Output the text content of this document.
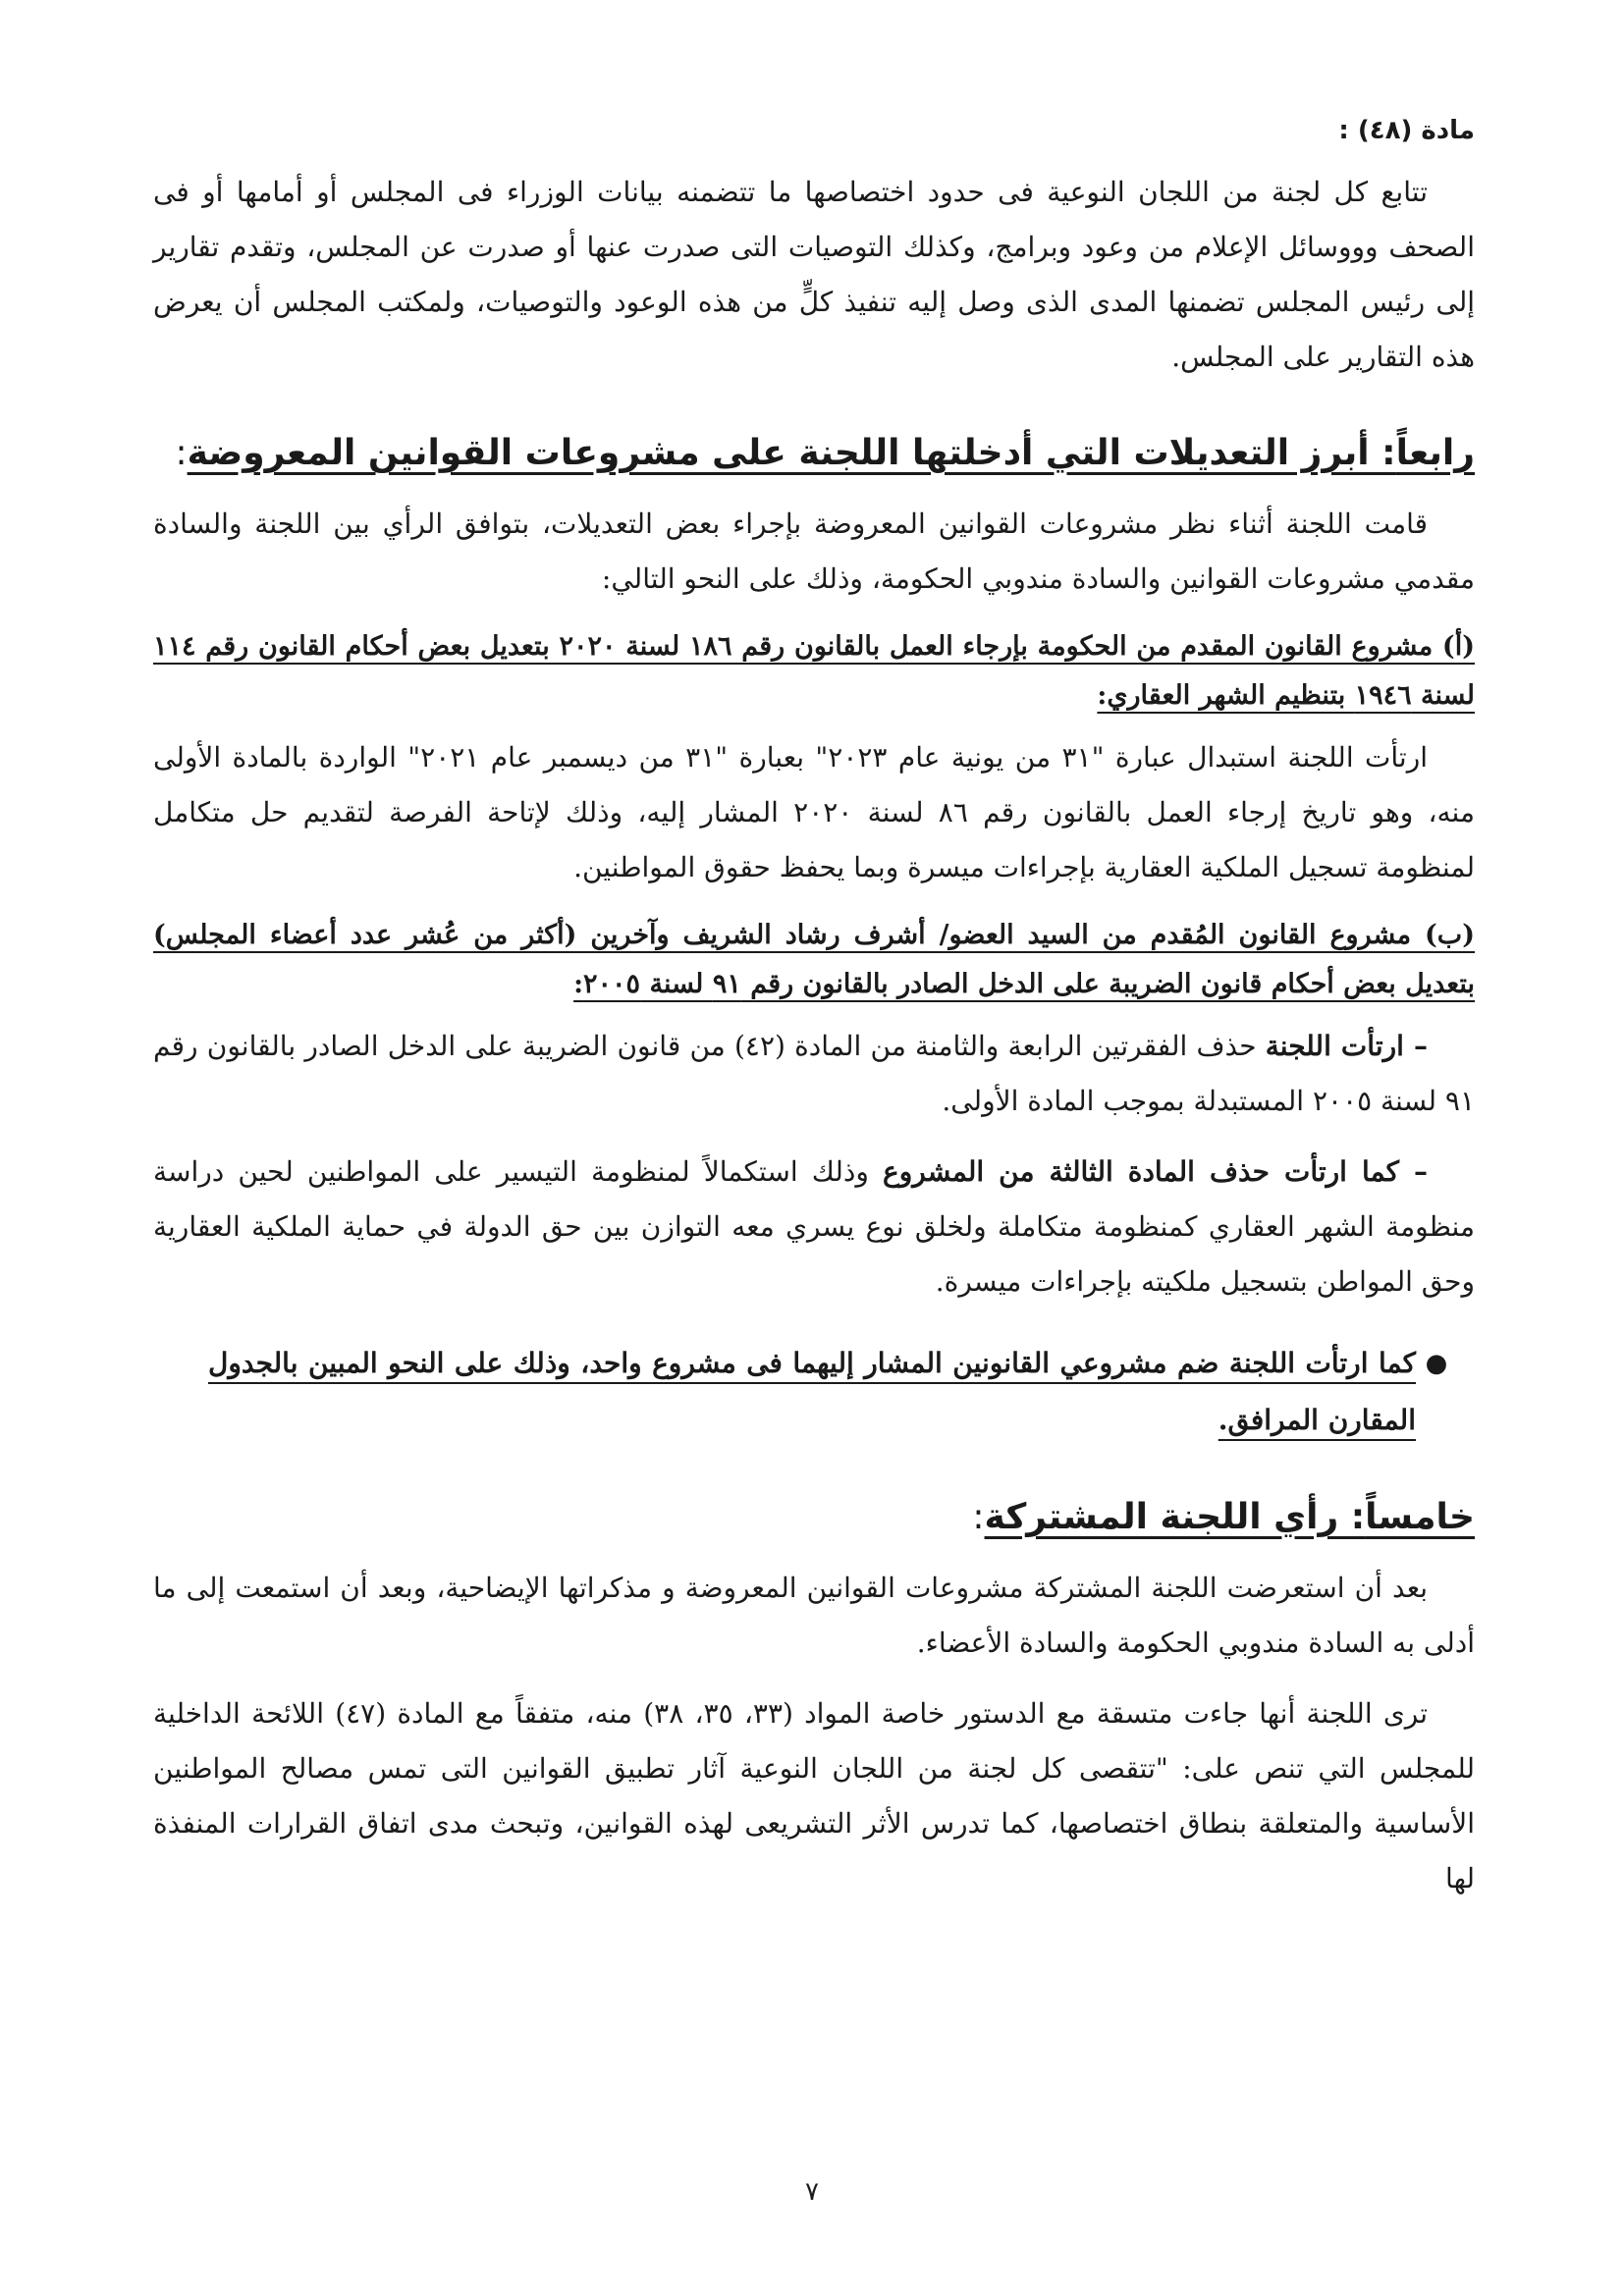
مادة (٤٨) :

تتابع كل لجنة من اللجان النوعية فى حدود اختصاصها ما تتضمنه بيانات الوزراء فى المجلس أو أمامها أو فى الصحف وووسائل الإعلام من وعود وبرامج، وكذلك التوصيات التى صدرت عنها أو صدرت عن المجلس، وتقدم تقارير إلى رئيس المجلس تضمنها المدى الذى وصل إليه تنفيذ كلٍّ من هذه الوعود والتوصيات، ولمكتب المجلس أن يعرض هذه التقارير على المجلس.

رابعاً: أبرز التعديلات التي أدخلتها اللجنة على مشروعات القوانين المعروضة:

قامت اللجنة أثناء نظر مشروعات القوانين المعروضة بإجراء بعض التعديلات، بتوافق الرأي بين اللجنة والسادة مقدمي مشروعات القوانين والسادة مندوبي الحكومة، وذلك على النحو التالي:

(أ) مشروع القانون المقدم من الحكومة بإرجاء العمل بالقانون رقم ١٨٦ لسنة ٢٠٢٠ بتعديل بعض أحكام القانون رقم ١١٤ لسنة ١٩٤٦ بتنظيم الشهر العقاري:

ارتأت اللجنة استبدال عبارة "٣١ من يونية عام ٢٠٢٣" بعبارة "٣١ من ديسمبر عام ٢٠٢١" الواردة بالمادة الأولى منه، وهو تاريخ إرجاء العمل بالقانون رقم ٨٦ لسنة ٢٠٢٠ المشار إليه، وذلك لإتاحة الفرصة لتقديم حل متكامل لمنظومة تسجيل الملكية العقارية بإجراءات ميسرة وبما يحفظ حقوق المواطنين.

(ب) مشروع القانون المُقدم من السيد العضو/ أشرف رشاد الشريف وآخرين (أكثر من عُشر عدد أعضاء المجلس) بتعديل بعض أحكام قانون الضريبة على الدخل الصادر بالقانون رقم ٩١ لسنة ٢٠٠٥:

– ارتأت اللجنة حذف الفقرتين الرابعة والثامنة من المادة (٤٢) من قانون الضريبة على الدخل الصادر بالقانون رقم ٩١ لسنة ٢٠٠٥ المستبدلة بموجب المادة الأولى.

– كما ارتأت حذف المادة الثالثة من المشروع وذلك استكمالاً لمنظومة التيسير على المواطنين لحين دراسة منظومة الشهر العقاري كمنظومة متكاملة ولخلق نوع يسري معه التوازن بين حق الدولة في حماية الملكية العقارية وحق المواطن بتسجيل ملكيته بإجراءات ميسرة.

●
كما ارتأت اللجنة ضم مشروعي القانونين المشار إليهما فى مشروع واحد، وذلك على النحو المبين بالجدول المقارن المرافق.
خامساً: رأي اللجنة المشتركة:

بعد أن استعرضت اللجنة المشتركة مشروعات القوانين المعروضة و مذكراتها الإيضاحية، وبعد أن استمعت إلى ما أدلى به السادة مندوبي الحكومة والسادة الأعضاء.

ترى اللجنة أنها جاءت متسقة مع الدستور خاصة المواد (٣٣، ٣٥، ٣٨) منه، متفقاً مع المادة (٤٧) اللائحة الداخلية للمجلس التي تنص على: "تتقصى كل لجنة من اللجان النوعية آثار تطبيق القوانين التى تمس مصالح المواطنين الأساسية والمتعلقة بنطاق اختصاصها، كما تدرس الأثر التشريعى لهذه القوانين، وتبحث مدى اتفاق القرارات المنفذة لها

٧
